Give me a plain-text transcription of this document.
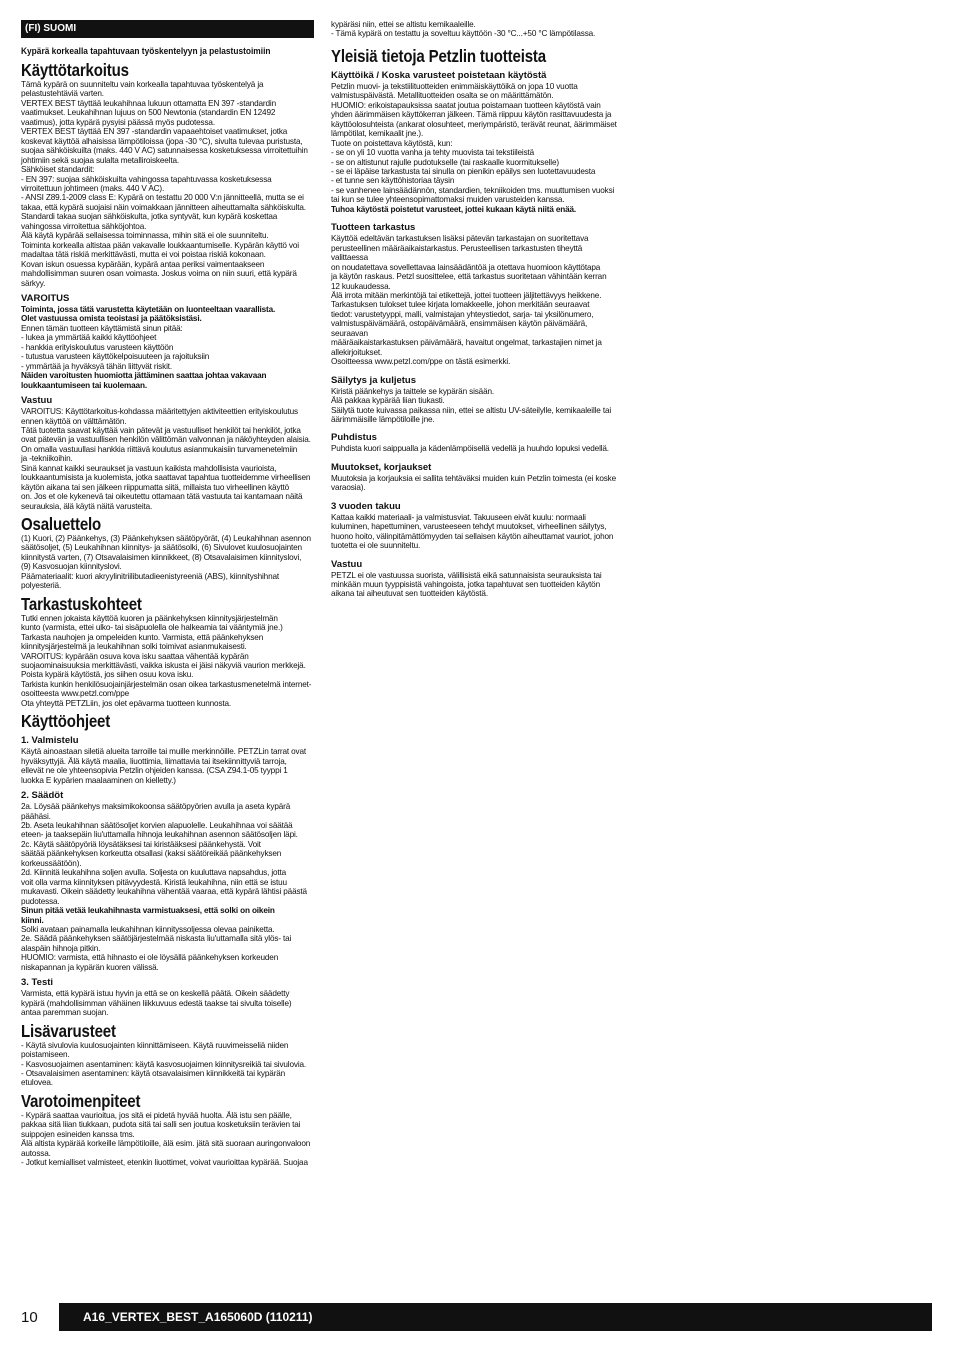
(FI) SUOMI
Kypärä korkealla tapahtuvaan työskentelyyn ja pelastustoimiin
Käyttötarkoitus
Tämä kypärä on suunniteltu vain korkealla tapahtuvaa työskentelyä ja
pelastustehtäviä varten.
VERTEX BEST täyttää leukahihnaa lukuun ottamatta EN 397 -standardin
vaatimukset. Leukahihnan lujuus on 500 Newtonia (standardin EN 12492
vaatimus), jotta kypärä pysyisi päässä myös pudotessa.
VERTEX BEST täyttää EN 397 -standardin vapaaehtoiset vaatimukset, jotka
koskevat käyttöä alhaisissa lämpötiloissa (jopa -30 °C), sivulta tulevaa puristusta,
suojaa sähköiskuilta (maks. 440 V AC) satunnaisessa kosketuksessa virroitettuihin
johtimiin sekä suojaa sulalta metalliroiskeelta.
Sähköiset standardit:
- EN 397: suojaa sähköiskuilta vahingossa tapahtuvassa kosketuksessa
virroitettuun johtimeen (maks. 440 V AC).
- ANSI Z89.1-2009 class E: Kypärä on testattu 20 000 V:n jännitteellä, mutta se ei
takaa, että kypärä suojaisi näin voimakkaan jännitteen aiheuttamalta sähköiskulta.
Standardi takaa suojan sähköiskulta, jotka syntyvät, kun kypärä koskettaa
vahingossa virroitettua sähköjohtoa.
Älä käytä kypärää sellaisessa toiminnassa, mihin sitä ei ole suunniteltu.
Toiminta korkealla altistaa pään vakavalle loukkaantumiselle. Kypärän käyttö voi
madaltaa tätä riskiä merkittävästi, mutta ei voi poistaa riskiä kokonaan.
Kovan iskun osuessa kypärään, kypärä antaa periksi vaimentaakseen
mahdollisimman suuren osan voimasta. Joskus voima on niin suuri, että kypärä
särkyy.
VAROITUS
Toiminta, jossa tätä varustetta käytetään on luonteeltaan vaarallista.
Olet vastuussa omista teoistasi ja päätöksistäsi.
Ennen tämän tuotteen käyttämistä sinun pitää:
- lukea ja ymmärtää kaikki käyttöohjeet
- hankkia erityiskoulutus varusteen käyttöön
- tutustua varusteen käyttökelpoisuuteen ja rajoituksiin
- ymmärtää ja hyväksyä tähän liittyvät riskit.
Näiden varoitusten huomiotta jättäminen saattaa johtaa vakavaan
loukkaantumiseen tai kuolemaan.
Vastuu
VAROITUS: Käyttötarkoitus-kohdassa määritettyjen aktiviteettien erityiskoulutus
ennen käyttöä on välttämätön.
Tätä tuotetta saavat käyttää vain pätevät ja vastuulliset henkilöt tai henkilöt, jotka
ovat pätevän ja vastuullisen henkilön välittömän valvonnan ja näköyhteyden alaisia.
On omalla vastuullasi hankkia riittävä koulutus asianmukaisiin turvamenetelmiin
ja -tekniikoihin.
Sinä kannat kaikki seuraukset ja vastuun kaikista mahdollisista vaurioista,
loukkaantumisista ja kuolemista, jotka saattavat tapahtua tuotteidemme virheellisen
käytön aikana tai sen jälkeen riippumatta siitä, millaista tuo virheellinen käyttö
on. Jos et ole kykenevä tai oikeutettu ottamaan tätä vastuuta tai kantamaan näitä
seurauksia, älä käytä näitä varusteita.
Osaluettelo
(1) Kuori, (2) Päänkehys, (3) Päänkehyksen säätöpyörät, (4) Leukahihnan asennon
säätösoljet, (5) Leukahihnan kiinnitys- ja säätösolki, (6) Sivulovet kuulosuojainten
kiinnitystä varten, (7) Otsavalaisimen kiinnikkeet, (8) Otsavalaisimen kiinnityslovi,
(9) Kasvosuojan kiinnityslovi.
Päämateriaalit: kuori akryylinitriilibutadieenistyreeniä (ABS), kiinnityshihnat
polyesteriä.
Tarkastuskohteet
Tutki ennen jokaista käyttöä kuoren ja päänkehyksen kiinnitysjärjestelmän
kunto (varmista, ettei ulko- tai sisäpuolella ole halkeamia tai vääntymiä jne.)
Tarkasta nauhojen ja ompeleiden kunto. Varmista, että päänkehyksen
kiinnitysjärjestelmä ja leukahihnan solki toimivat asianmukaisesti.
VAROITUS: kypärään osuva kova isku saattaa vähentää kypärän
suojaominaisuuksia merkittävästi, vaikka iskusta ei jäisi näkyviä vaurion merkkejä.
Poista kypärä käytöstä, jos siihen osuu kova isku.
Tarkista kunkin henkilösuojainjärjestelmän osan oikea tarkastusmenetelmä internet-
osoitteesta www.petzl.com/ppe
Ota yhteyttä PETZLiin, jos olet epävarma tuotteen kunnosta.
Käyttöohjeet
1. Valmistelu
Käytä ainoastaan siletiä alueita tarroille tai muille merkinnöille. PETZLin tarrat ovat
hyväksyttyjä. Älä käytä maalia, liuottimia, liimattavia tai itsekiinnittyviä tarroja,
ellevät ne ole yhteensopivia Petzlin ohjeiden kanssa. (CSA Z94.1-05 tyyppi 1
luokka E kypärien maalaaminen on kielletty.)
2. Säädöt
2a. Löysää päänkehys maksimikokoonsa säätöpyörien avulla ja aseta kypärä
päähäsi.
2b. Aseta leukahihnan säätösoljet korvien alapuolelle. Leukahihnaa voi säätää
eteen- ja taaksepäin liu'uttamalla hihnoja leukahihnan asennon säätösoljen läpi.
2c. Käytä säätöpyöriä löysätäksesi tai kiristääksesi päänkehystä. Voit
säätää päänkehyksen korkeutta otsallasi (kaksi säätöreikää päänkehyksen
korkeussäätöön).
2d. Kiinnitä leukahihna soljen avulla. Soljesta on kuuluttava napsahdus, jotta
voit olla varma kiinnityksen pitävyydestä. Kiristä leukahihna, niin että se istuu
mukavasti. Oikein säädetty leukahihna vähentää vaaraa, että kypärä lähtisi päästä
pudotessa.
Sinun pitää vetää leukahihnasta varmistuaksesi, että solki on oikein
kiinni.
Solki avataan painamalla leukahihnan kiinnityssoljessa olevaa painiketta.
2e. Säädä päänkehyksen säätöjärjestelmää niskasta liu'uttamalla sitä ylös- tai
alaspäin hihnoja pitkin.
HUOMIO: varmista, että hihnasto ei ole löysällä päänkehyksen korkeuden
niskapannan ja kypärän kuoren välissä.
3. Testi
Varmista, että kypärä istuu hyvin ja että se on keskellä päätä. Oikein säädetty
kypärä (mahdollisimman vähäinen liikkuvuus edestä taakse tai sivulta toiselle)
antaa paremman suojan.
Lisävarusteet
- Käytä sivulovia kuulosuojainten kiinnittämiseen. Käytä ruuvimeisseliä niiden
poistamiseen.
- Kasvosuojaimen asentaminen: käytä kasvosuojaimen kiinnitysreikiä tai sivulovia.
- Otsavalaisimen asentaminen: käytä otsavalaisimen kiinnikkeitä tai kypärän
etulovea.
Varotoimenpiteet
- Kypärä saattaa vaurioitua, jos sitä ei pidetä hyvää huolta. Älä istu sen päälle,
pakkaa sitä liian tiukkaan, pudota sitä tai salli sen joutua kosketuksiin terävien tai
suippojen esineiden kanssa tms.
Älä altista kypärää korkeille lämpötiloille, älä esim. jätä sitä suoraan auringonvaloon
autossa.
- Jotkut kemialliset valmisteet, etenkin liuottimet, voivat vaurioittaa kypärää. Suojaa
kypäräsi niin, ettei se altistu kemikaaleille.
- Tämä kypärä on testattu ja soveltuu käyttöön -30 °C...+50 °C lämpötilassa.
Yleisiä tietoja Petzlin tuotteista
Käyttöikä / Koska varusteet poistetaan käytöstä
Petzlin muovi- ja tekstiilituotteiden enimmäiskäyttöikä on jopa 10 vuotta
valmistuspäivästä. Metallituotteiden osalta se on määrittämätön.
HUOMIO: erikoistapauksissa saatat joutua poistamaan tuotteen käytöstä vain
yhden äärimmäisen käyttökerran jälkeen. Tämä riippuu käytön rasittavuudesta ja
käyttöolosuhteista (ankarat olosuhteet, meriympäristö, terävät reunat, äärimmäiset
lämpötilat, kemikaalit jne.).
Tuote on poistettava käytöstä, kun:
- se on yli 10 vuotta vanha ja tehty muovista tai tekstiileistä
- se on altistunut rajulle pudotukselle (tai raskaalle kuormitukselle)
- se ei läpäise tarkastusta tai sinulla on pienikin epäilys sen luotettavuudesta
- et tunne sen käyttöhistoriaa täysin
- se vanhenee lainsäädännön, standardien, tekniikoiden tms. muuttumisen vuoksi
tai kun se tulee yhteensopimattomaksi muiden varusteiden kanssa.
Tuhoa käytöstä poistetut varusteet, jottei kukaan käytä niitä enää.
Tuotteen tarkastus
Käyttöä edeltävän tarkastuksen lisäksi pätevän tarkastajan on suoritettava
perusteellinen määräaikaistarkastus. Perusteellisen tarkastusten tiheyttä valittaessa
on noudatettava sovellettavaa lainsäädäntöä ja otettava huomioon käyttötapa
ja käytön raskaus. Petzl suosittelee, että tarkastus suoritetaan vähintään kerran
12 kuukaudessa.
Älä irrota mitään merkintöjä tai etikettejä, jottei tuotteen jäljitettävyys heikkene.
Tarkastuksen tulokset tulee kirjata lomakkeelle, johon merkitään seuraavat
tiedot: varustetyyppi, malli, valmistajan yhteystiedot, sarja- tai yksilönumero,
valmistuspäivämäärä, ostopäivämäärä, ensimmäisen käytön päivämäärä, seuraavan
määräaikaistarkastuksen päivämäärä, havaitut ongelmat, tarkastajien nimet ja
allekirjoitukset.
Osoitteessa www.petzl.com/ppe on tästä esimerkki.
Säilytys ja kuljetus
Kiristä päänkehys ja taittele se kypärän sisään.
Älä pakkaa kypärää liian tiukasti.
Säilytä tuote kuivassa paikassa niin, ettei se altistu UV-säteilylle, kemikaaleille tai
äärimmäisille lämpötiloille jne.
Puhdistus
Puhdista kuori saippualla ja kädenlämpöisellä vedellä ja huuhdo lopuksi vedellä.
Muutokset, korjaukset
Muutoksia ja korjauksia ei sallita tehtäväksi muiden kuin Petzlin toimesta (ei koske
varaosia).
3 vuoden takuu
Kattaa kaikki materiaali- ja valmistusviat. Takuuseen eivät kuulu: normaali
kuluminen, hapettuminen, varusteeseen tehdyt muutokset, virheellinen säilytys,
huono hoito, välinpitämättömyyden tai sellaisen käytön aiheuttamat vauriot, johon
tuotetta ei ole suunniteltu.
Vastuu
PETZL ei ole vastuussa suorista, välillisistä eikä satunnaisista seurauksista tai
minkään muun tyyppisistä vahingoista, jotka tapahtuvat sen tuotteiden käytön
aikana tai aiheutuvat sen tuotteiden käytöstä.
10	A16_VERTEX_BEST_A165060D (110211)
